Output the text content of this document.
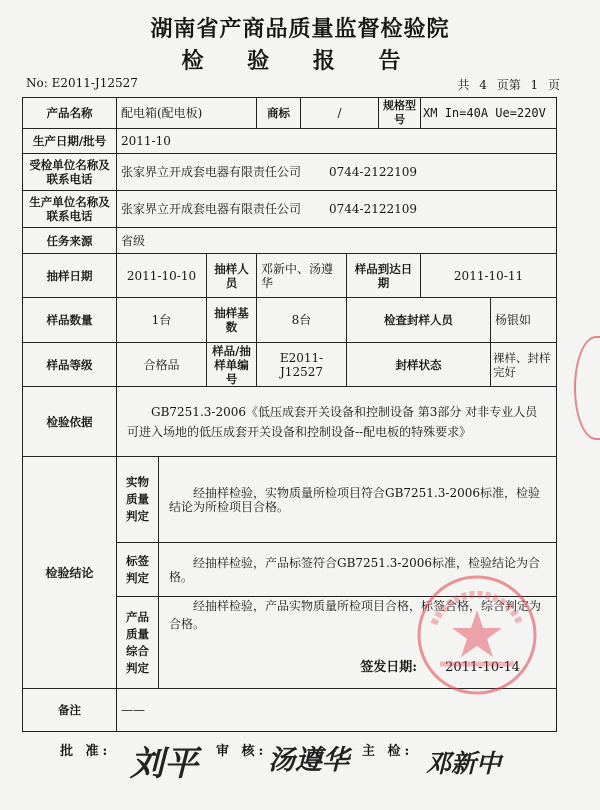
湖南省产商品质量监督检验院
检 验 报 告
No: E2011-J12527	共 4 页第 1 页
产品名称	配电箱(配电板)			商标	/		规格型号	XM In=40A Ue=220V	
生产日期/批号	2011-10								
受检单位名称及联系电话	张家界立开成套电器有限责任公司 0744-2122109								
生产单位名称及联系电话	张家界立开成套电器有限责任公司 0744-2122109								
任务来源	省级								
抽样日期	2011-10-10		抽样人员	邓新中、汤遵华		样品到达日期		2011-10-11	
样品数量	1台		抽样基数	8台		检查封样人员			杨银如
样品等级	合格品		样品/抽样单编号	E2011-J12527		封样状态			裸样、封样完好
检验依据	GB7251.3-2006《低压成套开关设备和控制设备 第3部分 对非专业人员可进入场地的低压成套开关设备和控制设备--配电板的特殊要求》								
检验结论	实物质量判定	经抽样检验，实物质量所检项目符合GB7251.3-2006标准，检验结论为所检项目合格。							
	标签判定	经抽样检验，产品标签符合GB7251.3-2006标准，检验结论为合格。							
	产品质量综合判定	经抽样检验，产品实物质量所检项目合格，标签合格，综合判定为合格。
签发日期: 2011-10-14							

备注	——								
批 准: 刘平 审 核: 汤遵华 主 检: 邓新中
